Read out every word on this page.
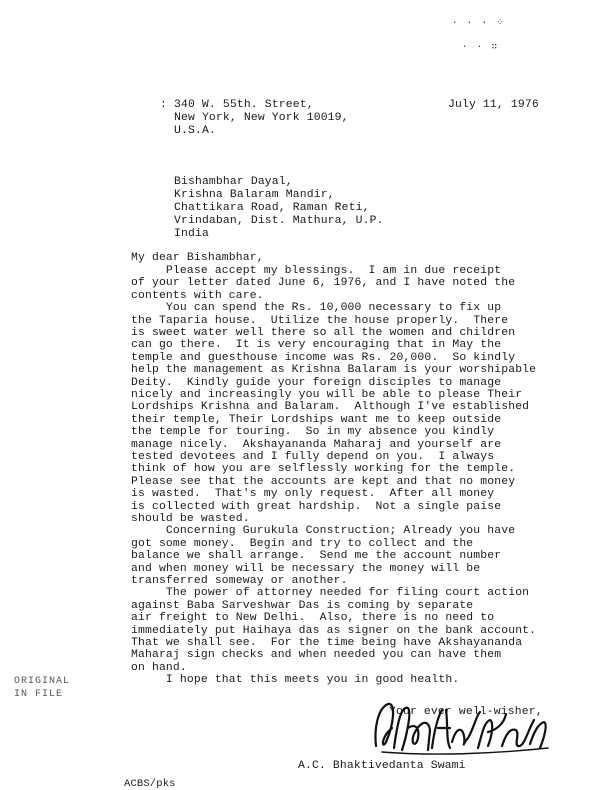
· · · ⁘
· · ∷
: 340 W. 55th. Street,
New York, New York 10019,
U.S.A.
July 11, 1976
Bishambhar Dayal,
Krishna Balaram Mandir,
Chattikara Road, Raman Reti,
Vrindaban, Dist. Mathura, U.P.
India
My dear Bishambhar,
Please accept my blessings.  I am in due receipt
of your letter dated June 6, 1976, and I have noted the
contents with care.
You can spend the Rs. 10,000 necessary to fix up
the Taparia house.  Utilize the house properly.  There
is sweet water well there so all the women and children
can go there.  It is very encouraging that in May the
temple and guesthouse income was Rs. 20,000.  So kindly
help the management as Krishna Balaram is your worshipable
Deity.  Kindly guide your foreign disciples to manage
nicely and increasingly you will be able to please Their
Lordships Krishna and Balaram.  Although I've established
their temple, Their Lordships want me to keep outside
the temple for touring.  So in my absence you kindly
manage nicely.  Akshayananda Maharaj and yourself are
tested devotees and I fully depend on you.  I always
think of how you are selflessly working for the temple.
Please see that the accounts are kept and that no money
is wasted.  That's my only request.  After all money
is collected with great hardship.  Not a single paise
should be wasted.
Concerning Gurukula Construction; Already you have
got some money.  Begin and try to collect and the
balance we shall arrange.  Send me the account number
and when money will be necessary the money will be
transferred someway or another.
The power of attorney needed for filing court action
against Baba Sarveshwar Das is coming by separate
air freight to New Delhi.  Also, there is no need to
immediately put Haihaya das as signer on the bank account.
That we shall see.  For the time being have Akshayananda
Maharaj sign checks and when needed you can have them
on hand.
I hope that this meets you in good health.
Your ever well-wisher,
A.C. Bhaktivedanta Swami
ACBS/pks
ORIGINAL
IN FILE
